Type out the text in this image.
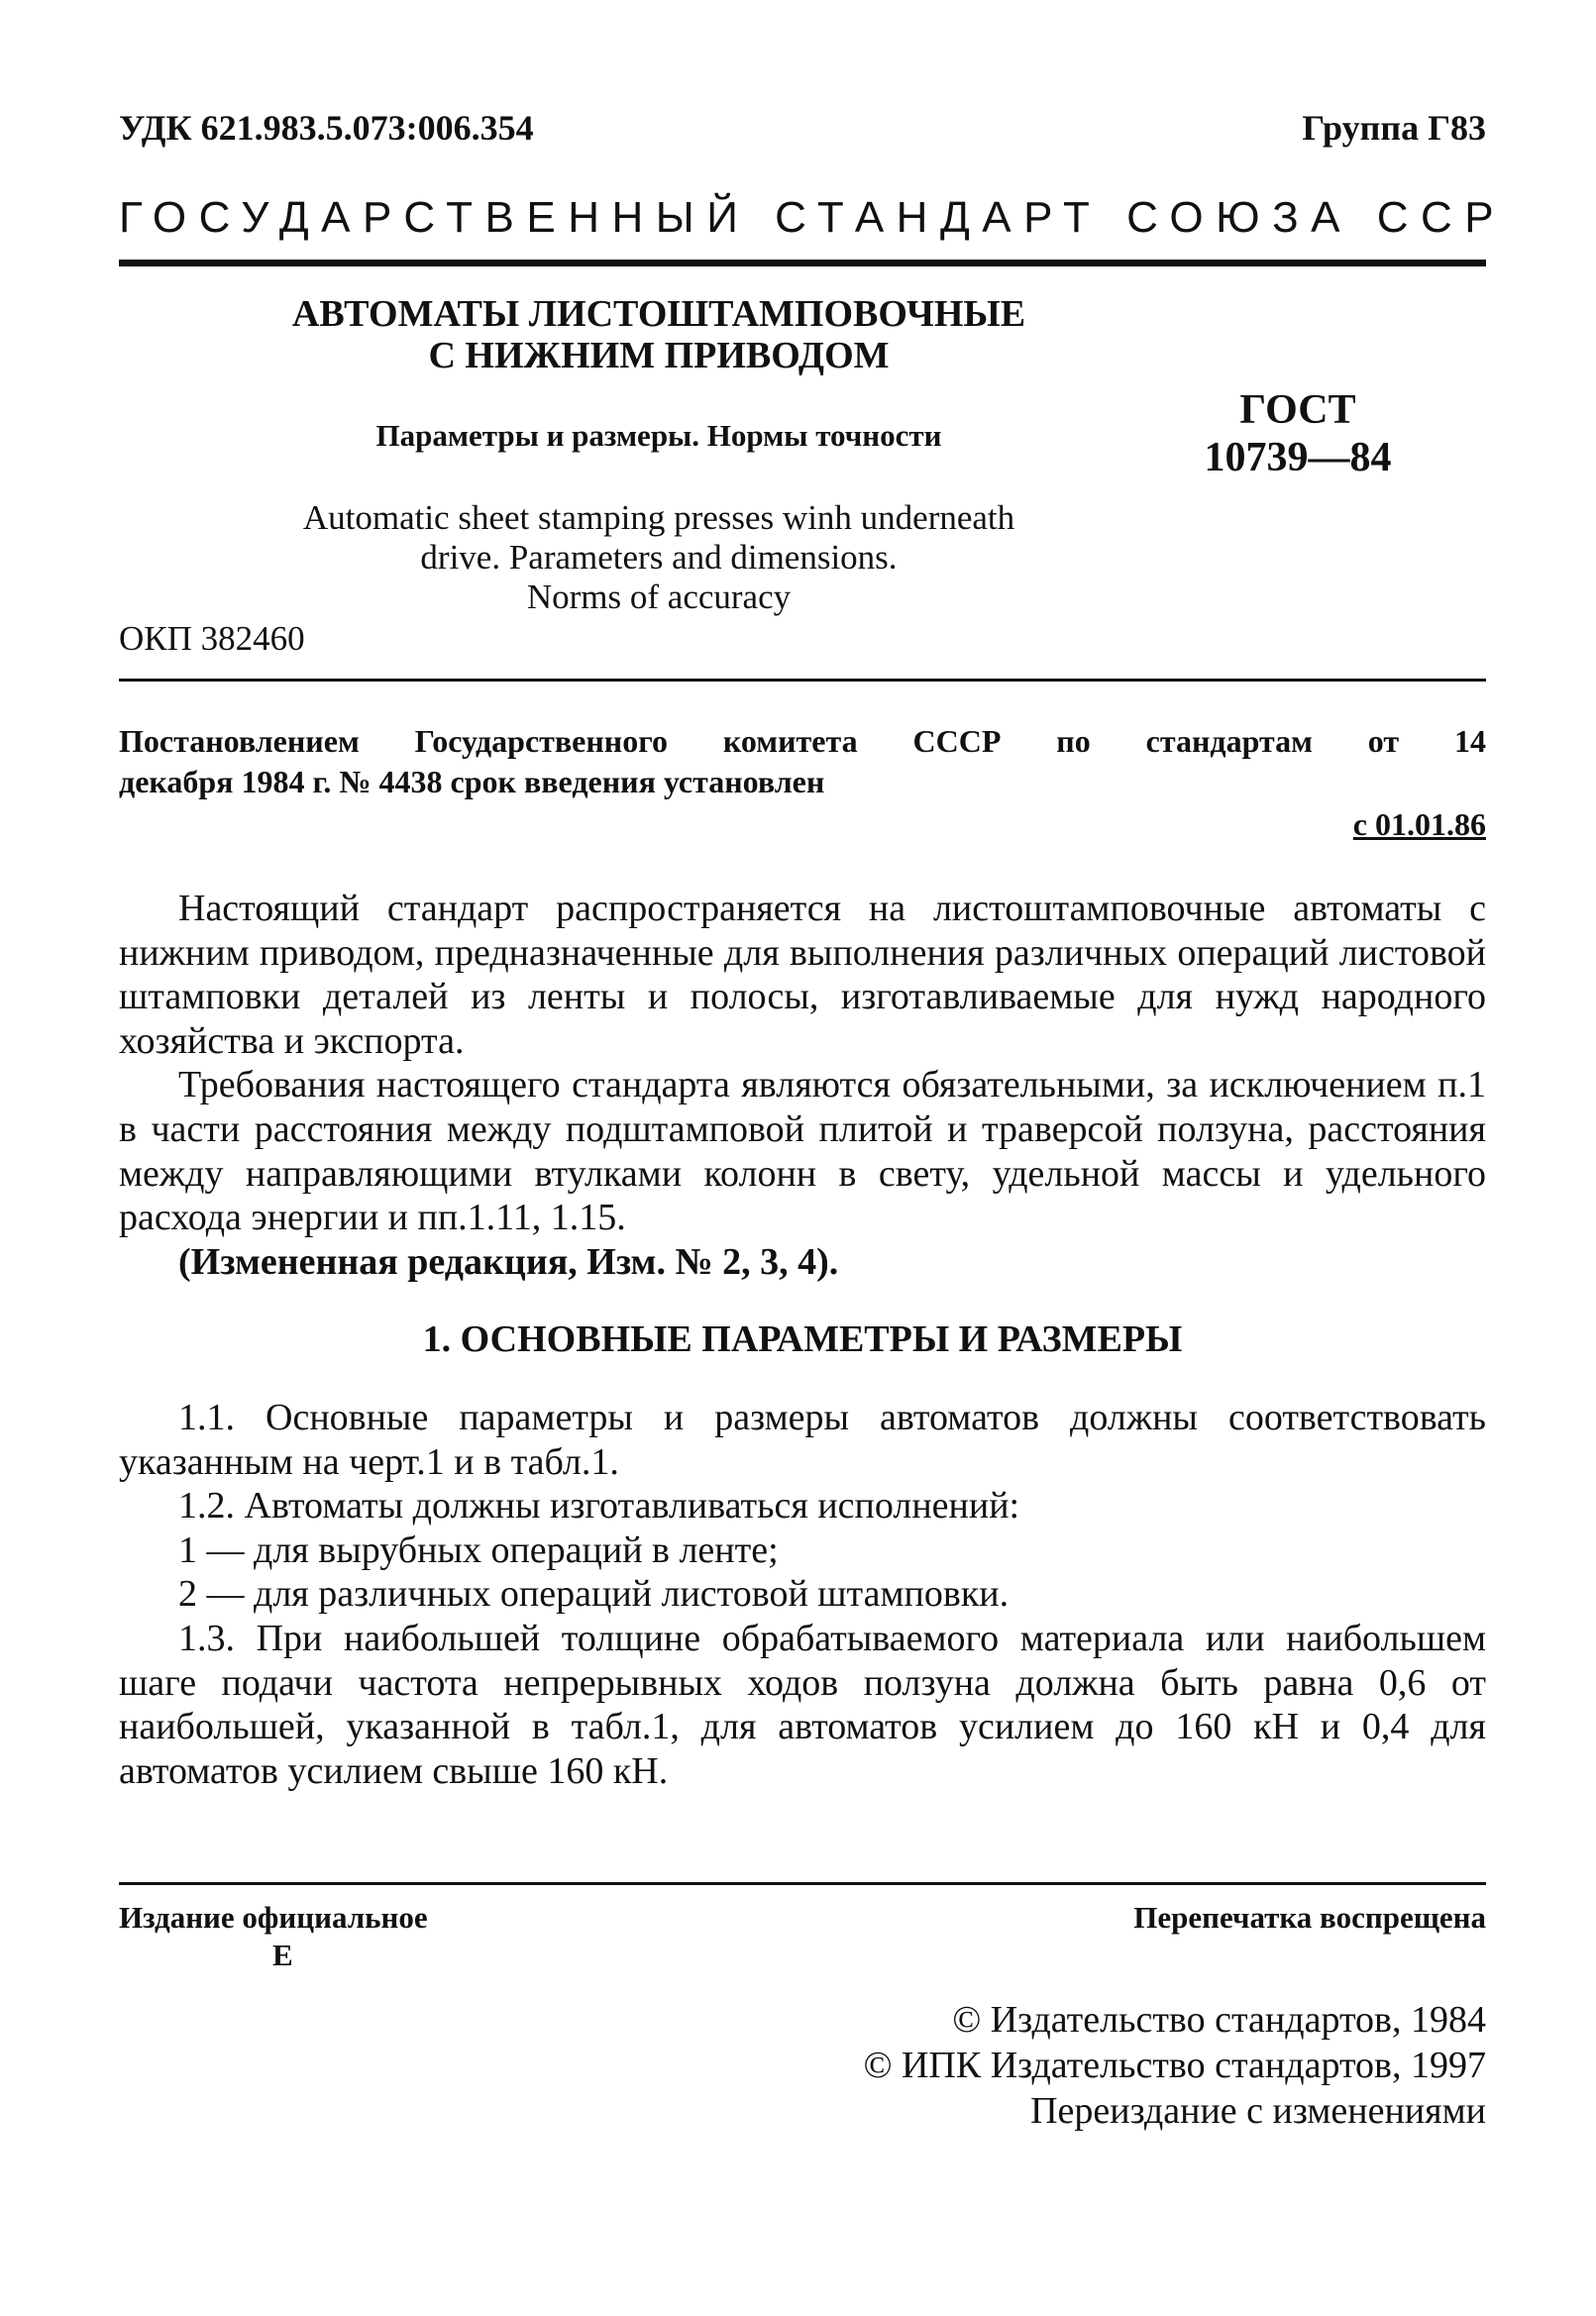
УДК 621.983.5.073:006.354	Группа Г83
ГОСУДАРСТВЕННЫЙ СТАНДАРТ СОЮЗА ССР
АВТОМАТЫ ЛИСТОШТАМПОВОЧНЫЕ
С НИЖНИМ ПРИВОДОМ
Параметры и размеры. Нормы точности
ГОСТ
10739—84
Automatic sheet stamping presses winh underneath
drive. Parameters and dimensions.
Norms of accuracy
ОКП 382460
Постановлением Государственного комитета СССР по стандартам от 14
декабря 1984 г. № 4438 срок введения установлен
с 01.01.86

Настоящий стандарт распространяется на листоштамповочные автоматы с нижним приводом, предназначенные для выполнения различных операций листовой штамповки деталей из ленты и полосы, изготавливаемые для нужд народного хозяйства и экспорта.

Требования настоящего стандарта являются обязательными, за исключением п.1 в части расстояния между подштамповой плитой и траверсой ползуна, расстояния между направляющими втулками колонн в свету, удельной массы и удельного расхода энергии и пп.1.11, 1.15.

(Измененная редакция, Изм. № 2, 3, 4).

1. ОСНОВНЫЕ ПАРАМЕТРЫ И РАЗМЕРЫ

1.1. Основные параметры и размеры автоматов должны соответствовать указанным на черт.1 и в табл.1.

1.2. Автоматы должны изготавливаться исполнений:

1 — для вырубных операций в ленте;

2 — для различных операций листовой штамповки.

1.3. При наибольшей толщине обрабатываемого материала или наибольшем шаге подачи частота непрерывных ходов ползуна должна быть равна 0,6 от наибольшей, указанной в табл.1, для автоматов усилием до 160 кН и 0,4 для автоматов усилием свыше 160 кН.

Издание официальное	Перепечатка воспрещена
Е
© Издательство стандартов, 1984
© ИПК Издательство стандартов, 1997
Переиздание с изменениями
